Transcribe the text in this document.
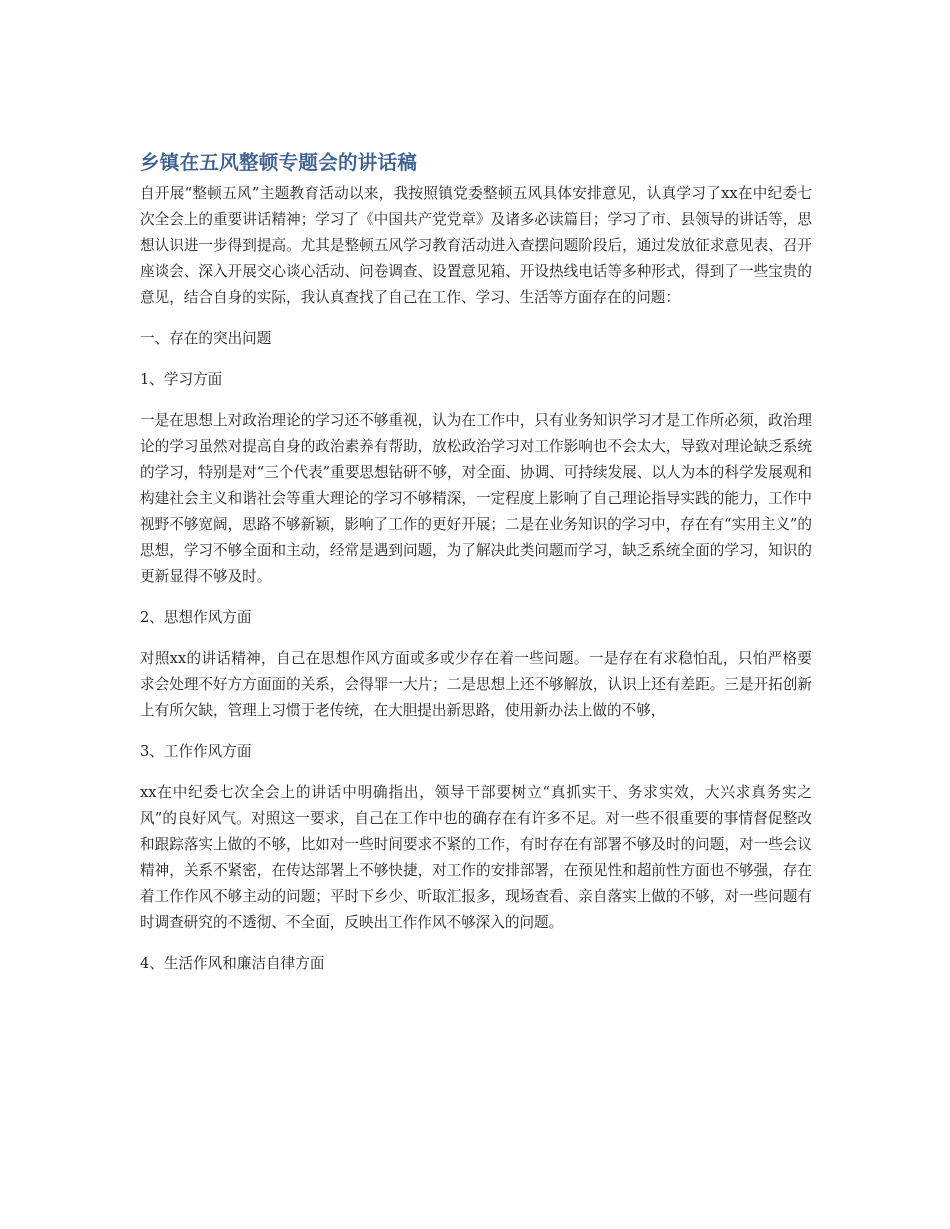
乡镇在五风整顿专题会的讲话稿

自开展“整顿五风”主题教育活动以来，我按照镇党委整顿五风具体安排意见，认真学习了xx在中纪委七次全会上的重要讲话精神；学习了《中国共产党党章》及诸多必读篇目；学习了市、县领导的讲话等，思想认识进一步得到提高。尤其是整顿五风学习教育活动进入查摆问题阶段后，通过发放征求意见表、召开座谈会、深入开展交心谈心活动、问卷调查、设置意见箱、开设热线电话等多种形式，得到了一些宝贵的意见，结合自身的实际，我认真查找了自己在工作、学习、生活等方面存在的问题：

一、存在的突出问题

1、学习方面

一是在思想上对政治理论的学习还不够重视，认为在工作中，只有业务知识学习才是工作所必须，政治理论的学习虽然对提高自身的政治素养有帮助，放松政治学习对工作影响也不会太大，导致对理论缺乏系统的学习，特别是对“三个代表”重要思想钻研不够，对全面、协调、可持续发展、以人为本的科学发展观和构建社会主义和谐社会等重大理论的学习不够精深，一定程度上影响了自己理论指导实践的能力，工作中视野不够宽阔，思路不够新颖，影响了工作的更好开展；二是在业务知识的学习中，存在有“实用主义”的思想，学习不够全面和主动，经常是遇到问题，为了解决此类问题而学习，缺乏系统全面的学习，知识的更新显得不够及时。

2、思想作风方面

对照xx的讲话精神，自己在思想作风方面或多或少存在着一些问题。一是存在有求稳怕乱，只怕严格要求会处理不好方方面面的关系，会得罪一大片；二是思想上还不够解放，认识上还有差距。三是开拓创新上有所欠缺，管理上习惯于老传统，在大胆提出新思路，使用新办法上做的不够，

3、工作作风方面

xx在中纪委七次全会上的讲话中明确指出，领导干部要树立“真抓实干、务求实效，大兴求真务实之风”的良好风气。对照这一要求，自己在工作中也的确存在有许多不足。对一些不很重要的事情督促整改和跟踪落实上做的不够，比如对一些时间要求不紧的工作，有时存在有部署不够及时的问题，对一些会议精神，关系不紧密，在传达部署上不够快捷，对工作的安排部署，在预见性和超前性方面也不够强，存在着工作作风不够主动的问题；平时下乡少、听取汇报多，现场查看、亲自落实上做的不够，对一些问题有时调查研究的不透彻、不全面，反映出工作作风不够深入的问题。

4、生活作风和廉洁自律方面
